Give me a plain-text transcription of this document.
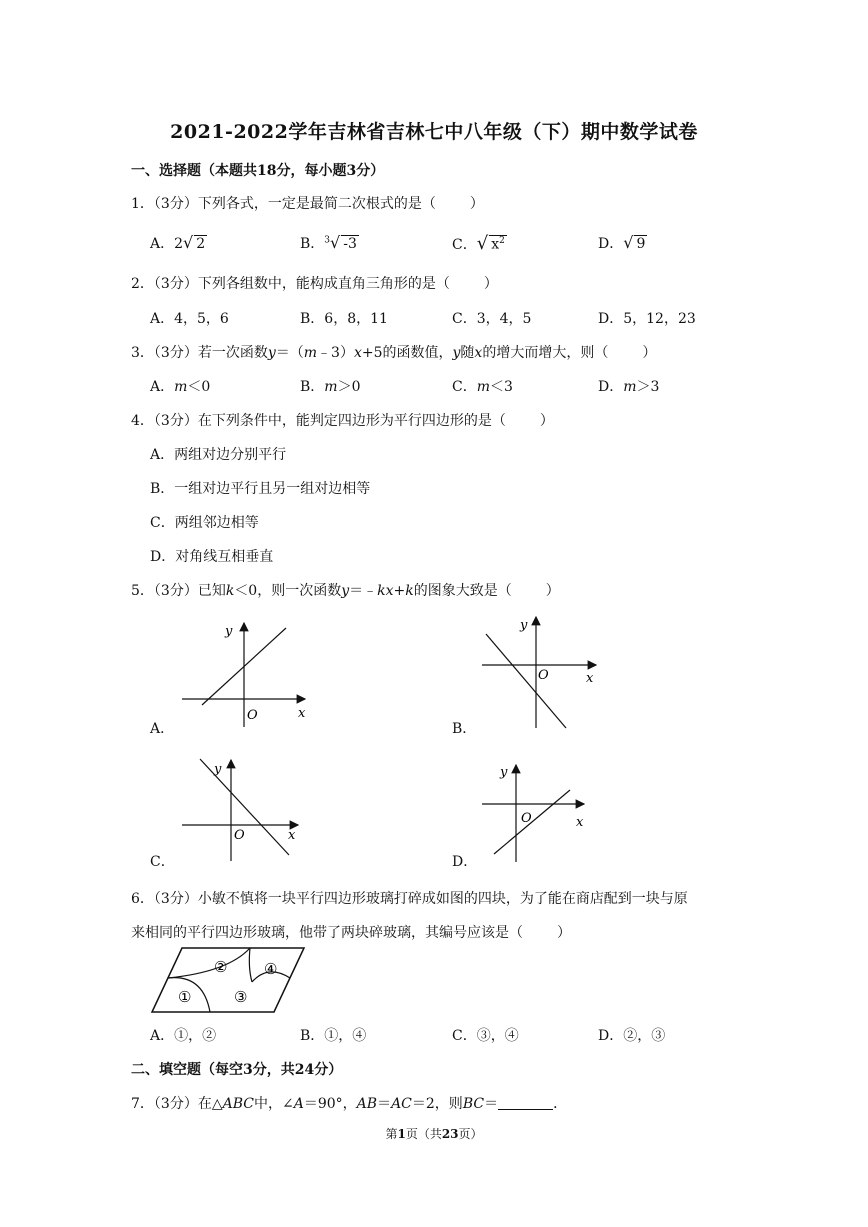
2021-2022学年吉林省吉林七中八年级（下）期中数学试卷
一、选择题（本题共18分，每小题3分）
1．（3分）下列各式，一定是最简二次根式的是（ ）
A．2√ 2	B．$^3$√ -3	C．√ $x^2$	D．√ 9
2．（3分）下列各组数中，能构成直角三角形的是（ ）
A．4，5，6	B．6，8，11	C．3，4，5	D．5，12，23
3．（3分）若一次函数y＝（m﹣3）x+5的函数值，y随x的增大而增大，则（ ）
A．m＜0	B．m＞0	C．m＜3	D．m＞3
4．（3分）在下列条件中，能判定四边形为平行四边形的是（ ）
A．两组对边分别平行
B．一组对边平行且另一组对边相等
C．两组邻边相等
D．对角线互相垂直
5．（3分）已知k＜0，则一次函数y＝﹣kx+k的图象大致是（ ）
y
x
O
A．
y
x
O
B．
y
x
O
C．
y
x
O
D．
6．（3分）小敏不慎将一块平行四边形玻璃打碎成如图的四块，为了能在商店配到一块与原
来相同的平行四边形玻璃，他带了两块碎玻璃，其编号应该是（ ）
①
②
③
④
A．①，②	B．①，④	C．③，④	D．②，③
二、填空题（每空3分，共24分）
7．（3分）在△ABC中，∠A＝90°，AB＝AC＝2，则BC＝	．
第1页（共23页）
